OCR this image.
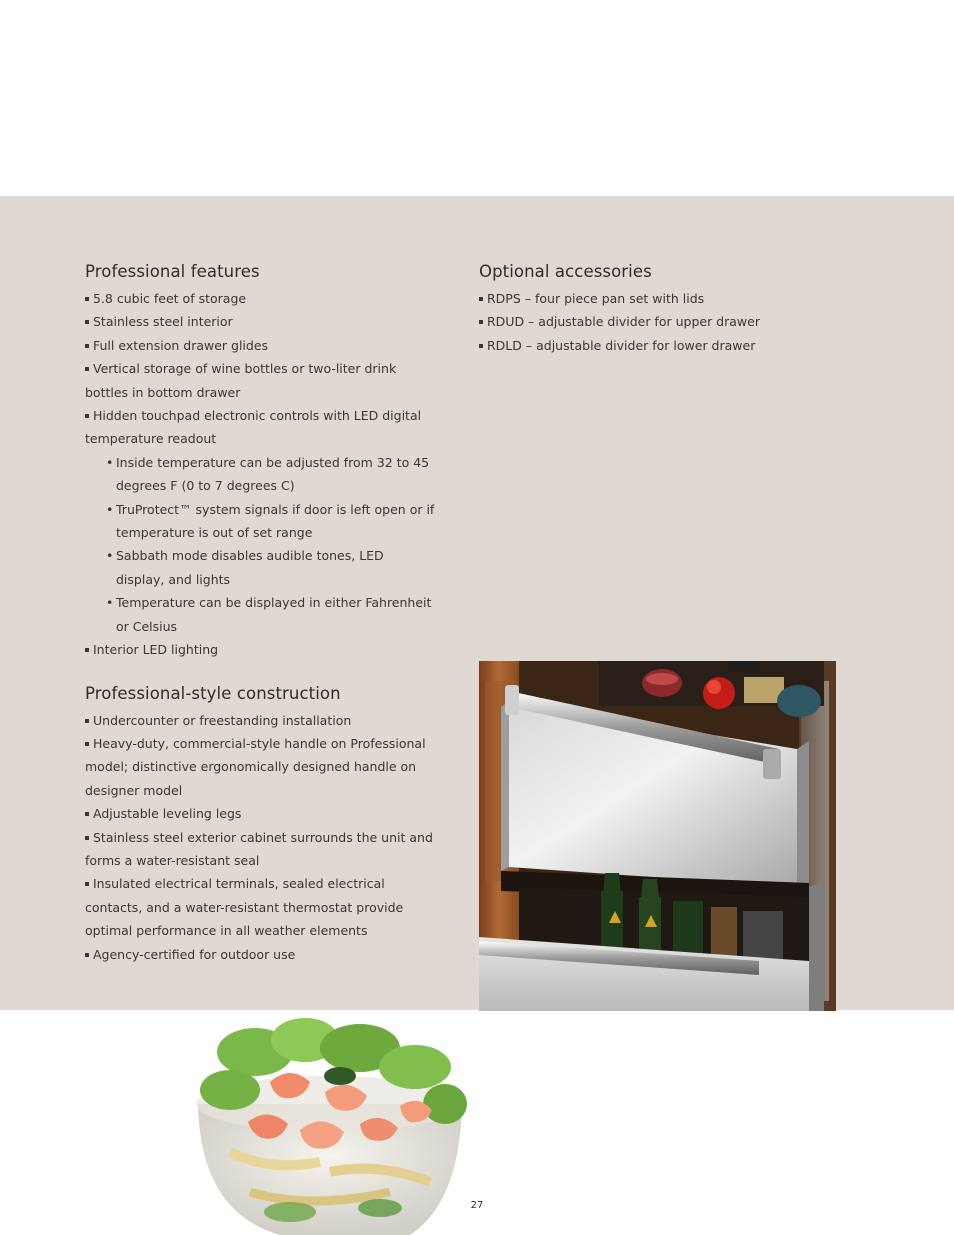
Professional features
5.8 cubic feet of storage
Stainless steel interior
Full extension drawer glides
Vertical storage of wine bottles or two-liter drink bottles in bottom drawer
Hidden touchpad electronic controls with LED digital temperature readout
• Inside temperature can be adjusted from 32 to 45 degrees F (0 to 7 degrees C)
• TruProtect™ system signals if door is left open or if temperature is out of set range
• Sabbath mode disables audible tones, LED display, and lights
• Temperature can be displayed in either Fahrenheit or Celsius
Interior LED lighting
Professional-style construction
Undercounter or freestanding installation
Heavy-duty, commercial-style handle on Professional model; distinctive ergonomically designed handle on designer model
Adjustable leveling legs
Stainless steel exterior cabinet surrounds the unit and forms a water-resistant seal
Insulated electrical terminals, sealed electrical contacts, and a water-resistant thermostat provide optimal performance in all weather elements
Agency-certified for outdoor use
Optional accessories
RDPS – four piece pan set with lids
RDUD – adjustable divider for upper drawer
RDLD – adjustable divider for lower drawer
27
